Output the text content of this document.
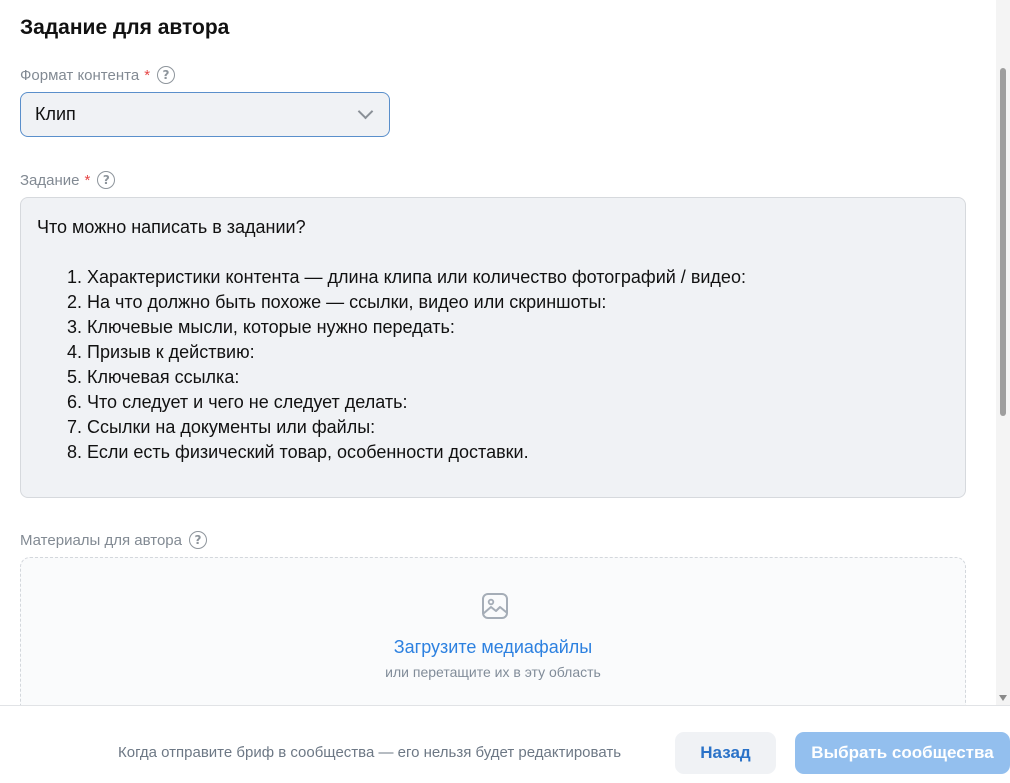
Задание для автора
Формат контента *	?
Клип
Задание *	?
Что можно написать в задании?
1. Характеристики контента — длина клипа или количество фотографий / видео:
2. На что должно быть похоже — ссылки, видео или скриншоты:
3. Ключевые мысли, которые нужно передать:
4. Призыв к действию:
5. Ключевая ссылка:
6. Что следует и чего не следует делать:
7. Ссылки на документы или файлы:
8. Если есть физический товар, особенности доставки.
Материалы для автора	?
Загрузите медиафайлы
или перетащите их в эту область
Когда отправите бриф в сообщества — его нельзя будет редактировать	Назад	Выбрать сообщества
